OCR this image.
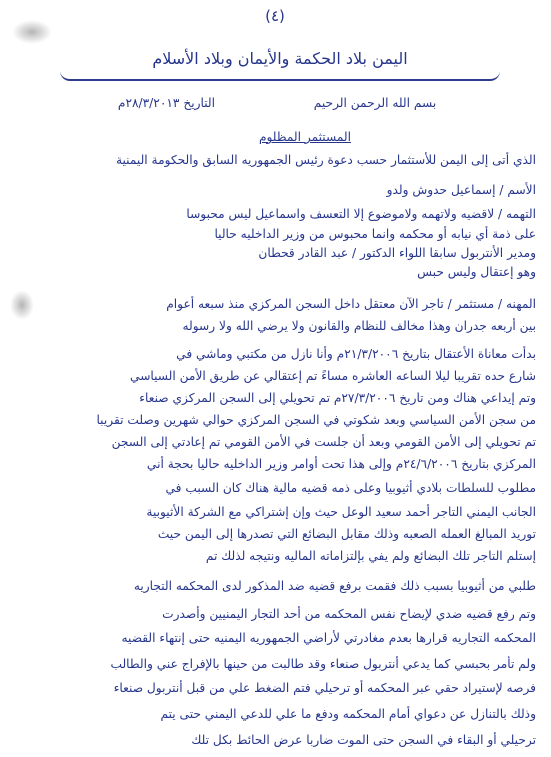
(٤)
اليمن بلاد الحكمة والأيمان وبلاد الأسلام
بسم الله الرحمن الرحيم
التاريخ ٢٨/٣/٢٠١٣م
المستثمر المظلوم
الذي أتى إلى اليمن للأستثمار حسب دعوة رئيس الجمهوريه السابق والحكومة اليمنية
الأسم / إسماعيل حدوش ولدو
التهمه / لاقضيه ولاتهمه ولاموضوع إلا التعسف واسماعيل ليس محبوسا
على ذمة أي نيابه أو محكمه وانما محبوس من وزير الداخليه حاليا
ومدير الأنتربول سابقا اللواء الدكتور / عبد القادر قحطان
وهو إعتقال وليس حبس
المهنه / مستثمر / تاجر الآن معتقل داخل السجن المركزي منذ سبعه أعوام
بين أربعه جدران وهذا مخالف للنظام والقانون ولا يرضي الله ولا رسوله
بدأت معاناة الأعتقال بتاريخ ٢١/٣/٢٠٠٦م وأنا نازل من مكتبي وماشي في
شارع حده تقريبا ليلا الساعه العاشره مساءً تم إعتقالي عن طريق الأمن السياسي
وتم إيداعي هناك ومن تاريخ ٢٧/٣/٢٠٠٦م تم تحويلي إلى السجن المركزي صنعاء
من سجن الأمن السياسي وبعد شكوتي في السجن المركزي حوالي شهرين وصلت تقريبا
تم تحويلي إلى الأمن القومي وبعد أن جلست في الأمن القومي تم إعادتي إلى السجن
المركزي بتاريخ ٢٤/٦/٢٠٠٦م وإلى هذا تحت أوامر وزير الداخليه حاليا بحجة أني
مطلوب للسلطات بلادي أثيوبيا وعلى ذمه قضيه مالية هناك كان السبب في
الجانب اليمني التاجر أحمد سعيد الوعل حيث وإن إشتراكي مع الشركة الأثيوبية
توريد المبالغ العمله الصعبه وذلك مقابل البضائع التي تصدرها إلى اليمن حيث
إستلم التاجر تلك البضائع ولم يفي بإلتزاماته الماليه ونتيجه لذلك تم
طلبي من أثيوبيا بسبب ذلك فقمت برفع قضيه ضد المذكور لدى المحكمه التجاريه
وتم رفع قضيه ضدي لإيضاح نفس المحكمه من أحد التجار اليمنيين وأصدرت
المحكمه التجاريه قرارها بعدم مغادرتي لأراضي الجمهوريه اليمنيه حتى إنتهاء القضيه
ولم تأمر بحبسي كما يدعي أنتربول صنعاء وقد طالبت من حينها بالإفراج عني والطالب
فرصه لإستيراد حقي عبر المحكمه أو ترحيلي فتم الضغط علي من قبل أنتربول صنعاء
وذلك بالتنازل عن دعواي أمام المحكمه ودفع ما علي للدعي اليمني حتى يتم
ترحيلي أو البقاء في السجن حتى الموت ضاربا عرض الحائط بكل تلك
